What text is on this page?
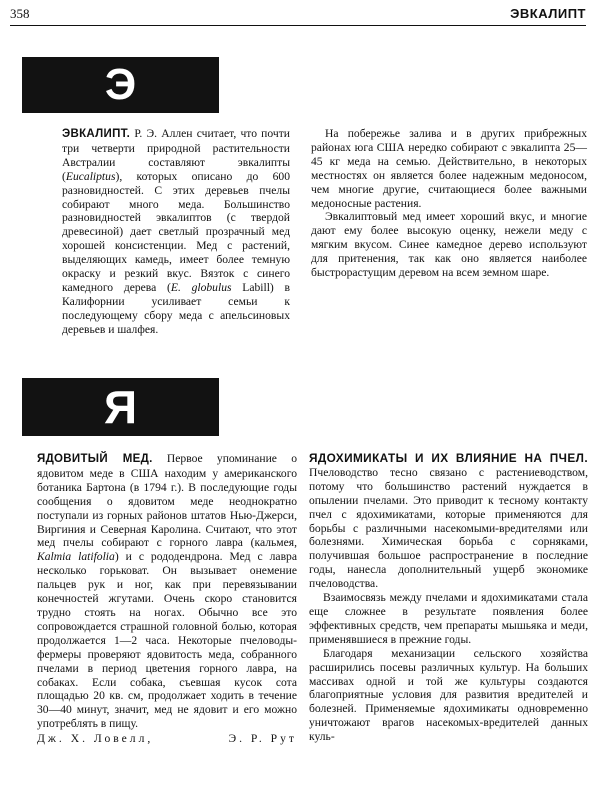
358	ЭВКАЛИПТ
Э

ЭВКАЛИПТ. Р. Э. Аллен считает, что почти три четверти природной растительности Австралии составляют эвкалипты (Eucaliptus), которых описано до 600 разновидностей. С этих деревьев пчелы собирают много меда. Большинство разновидностей эвкалиптов (с твердой древесиной) дает светлый прозрачный мед хорошей консистенции. Мед с растений, выделяющих камедь, имеет более темную окраску и резкий вкус. Вязток с синего камедного дерева (E. globulus Labill) в Калифорнии усиливает семьи к последующему сбору меда с апельсиновых деревьев и шалфея.

На побережье залива и в других прибрежных районах юга США нередко собирают с эвкалипта 25—45 кг меда на семью. Действительно, в некоторых местностях он является более надежным медоносом, чем многие другие, считающиеся более важными медоносные растения.

Эвкалиптовый мед имеет хороший вкус, и многие дают ему более высокую оценку, нежели меду с мягким вкусом. Синее камедное дерево используют для притенения, так как оно является наиболее быстрорастущим деревом на всем земном шаре.

Я

ЯДОВИТЫЙ МЕД. Первое упоминание о ядовитом меде в США находим у американского ботаника Бартона (в 1794 г.). В последующие годы сообщения о ядовитом меде неоднократно поступали из горных районов штатов Нью-Джерси, Виргиния и Северная Каролина. Считают, что этот мед пчелы собирают с горного лавра (кальмея, Kalmia latifolia) и с рододендрона. Мед с лавра несколько горьковат. Он вызывает онемение пальцев рук и ног, как при перевязывании конечностей жгутами. Очень скоро становится трудно стоять на ногах. Обычно все это сопровождается страшной головной болью, которая продолжается 1—2 часа. Некоторые пчеловоды-фермеры проверяют ядовитость меда, собранного пчелами в период цветения горного лавра, на собаках. Если собака, съевшая кусок сота площадью 20 кв. см, продолжает ходить в течение 30—40 минут, значит, мед не ядовит и его можно употреблять в пищу.

Дж. Х. Ловелл,	Э. Р. Рут

ЯДОХИМИКАТЫ И ИХ ВЛИЯНИЕ НА ПЧЕЛ. Пчеловодство тесно связано с растениеводством, потому что большинство растений нуждается в опылении пчелами. Это приводит к тесному контакту пчел с ядохимикатами, которые применяются для борьбы с различными насекомыми-вредителями или болезнями. Химическая борьба с сорняками, получившая большое распространение в последние годы, нанесла дополнительный ущерб экономике пчеловодства.

Взаимосвязь между пчелами и ядохимикатами стала еще сложнее в результате появления более эффективных средств, чем препараты мышьяка и меди, применявшиеся в прежние годы.

Благодаря механизации сельского хозяйства расширились посевы различных культур. На больших массивах одной и той же культуры создаются благоприятные условия для развития вредителей и болезней. Применяемые ядохимикаты одновременно уничтожают врагов насекомых-вредителей данных куль-
